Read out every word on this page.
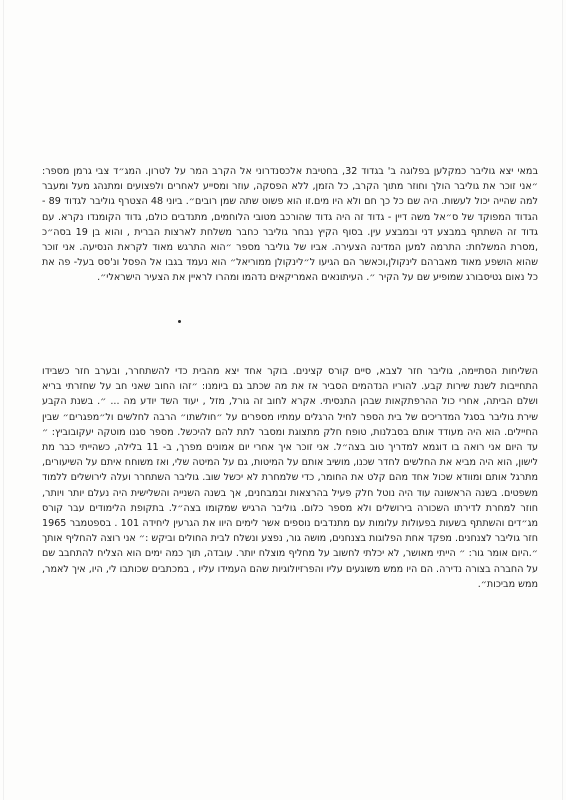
במאי יצא גוליבר כמקלען בפלוגה ב' בגדוד 32, בחטיבת אלכסנדרוני אל הקרב המר על לטרון. המג״ד צבי גרמן מספר: ״אני זוכר את גוליבר הולך וחוזר מתוך הקרב, כל הזמן, ללא הפסקה, עוזר ומסייע לאחרים ולפצועים ומתנהג מעל ומעבר למה שהייה יכול לעשות. היה שם כל כך חם ולא היו מים.זו הוא פשוט שתה שמן רובים״. ביוני 48 הצטרף גוליבר לגדוד 89 - הגדוד המפוקד של ס״אל משה דיין - גדוד זה היה גדוד שהורכב מטובי הלוחמים, מתנדבים כולם, גדוד הקומנדו נקרא. עם גדוד זה השתתף במבצע דני ובמבצע עין. בסוף הקיץ נבחר גוליבר כחבר משלחת לארצות הברית , והוא בן 19 בסה״כ ,מסרת המשלחת: התרמה למען המדינה הצעירה. אביו של גוליבר מספר ״הוא התרגש מאוד לקראת הנסיעה. אני זוכר שהוא הושפע מאוד מאברהם לינקולן,וכאשר הם הגיעו ל״לינקולן ממוריאל״ הוא נעמד בגבו אל הפסל ונ'סס בעל- פה את כל נאום גטיסבורג שמופיע שם על הקיר ״. העיתונאים האמריקאים נדהמו ומהרו לראיין את הצעיר הישראלי״.

השליחות הסתיימה, גוליבר חזר לצבא, סיים קורס קצינים. בוקר אחד יצא מהבית כדי להשתחרר, ובערב חזר כשבידו התחייבות לשנת שירות קבע. להוריו הנדהמים הסביר אז את מה שכתב גם ביומנו: ״זהו החוב שאני חב על שחזרתי בריא ושלם הביתה, אחרי כול ההרפתקאות שבהן התנסיתי. אקרא לחוב זה גורל, מזל , יעוד השד יודע מה ... ״. בשנת הקבע שירת גוליבר בסגל המדריכים של בית הספר לחיל הרגלים עמתיו מספרים על ״חולשתו״ הרבה לחלשים ול״מפגרים״ שבין החיילים. הוא היה מעודד אותם בסבלנות, טופח חלק מתצוגת ומסבר לתת להם להיכשל. מספר סגנו מוטקה יעקובוביץ: ״ עד היום אני רואה בו דוגמא למדריך טוב בצה״ל. אני זוכר איך אחרי יום אמונים מפרך, ב- 11 בלילה, כשהייתי כבר מת לישון, הוא היה מביא את החלשים לחדר שכנו, מושיב אותם על המיטות, גם על המיטה שלי, ואז משוחח איתם על השיעורים, מתרגל אותם ומוודא שכול אחד מהם קלט את החומר, כדי שלמחרת לא יכשל שוב. גוליבר השתחרר ועלה לירושלים ללמוד משפטים. בשנה הראשונה עוד היה נוטל חלק פעיל בהרצאות ובמבחנים, אך בשנה השנייה והשלישית היה נעלם יותר ויותר, חוזר למחרת לדירתו השכורה בירושלים ולא מספר כלום. גוליבר הרגיש שמקומו בצה״ל. בתקופת הלימודים עבר קורס מג״דים והשתתף בשעות בפעולות עלומות עם מתנדבים נוספים אשר לימים היוו את הגרעין ליחידה 101 . בספטמבר 1965 חזר גוליבר לצנחנים. מפקד אחת הפלוגות בצנחנים, מושה גור, נפצע ונשלח לבית החולים וביקש :״ אני רוצה להחליף אותך ״.היום אומר גור: ״ הייתי מאושר, לא יכלתי לחשוב על מחליף מוצלח יותר. עובדה, תוך כמה ימים הוא הצליח להתחבב שם על החברה בצורה נדירה. הם היו ממש משוגעים עליו והפרזיולוגיות שהם העמידו עליו , במכתבים שכותבו לי, היו, איך לאמר, ממש מביכות״.
